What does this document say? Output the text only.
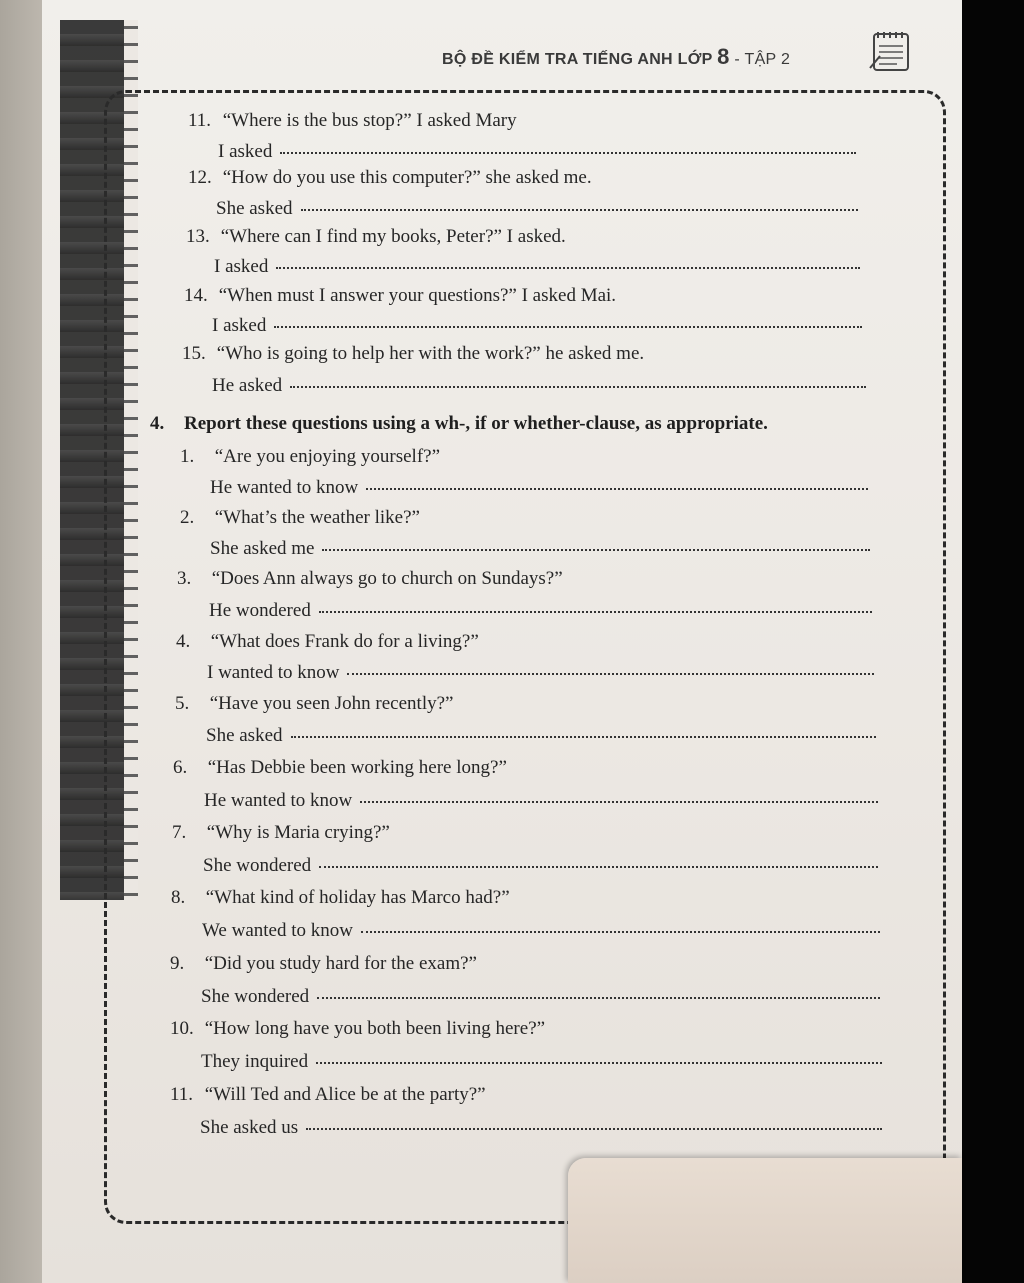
BỘ ĐỀ KIỂM TRA TIẾNG ANH LỚP 8 - TẬP 2
11. “Where is the bus stop?” I asked Mary
I asked
12. “How do you use this computer?” she asked me.
She asked
13. “Where can I find my books, Peter?” I asked.
I asked
14. “When must I answer your questions?” I asked Mai.
I asked
15. “Who is going to help her with the work?” he asked me.
He asked
4. Report these questions using a wh-, if or whether-clause, as appropriate.
1. “Are you enjoying yourself?”
He wanted to know
2. “What’s the weather like?”
She asked me
3. “Does Ann always go to church on Sundays?”
He wondered
4. “What does Frank do for a living?”
I wanted to know
5. “Have you seen John recently?”
She asked
6. “Has Debbie been working here long?”
He wanted to know
7. “Why is Maria crying?”
She wondered
8. “What kind of holiday has Marco had?”
We wanted to know
9. “Did you study hard for the exam?”
She wondered
10. “How long have you both been living here?”
They inquired
11. “Will Ted and Alice be at the party?”
She asked us
